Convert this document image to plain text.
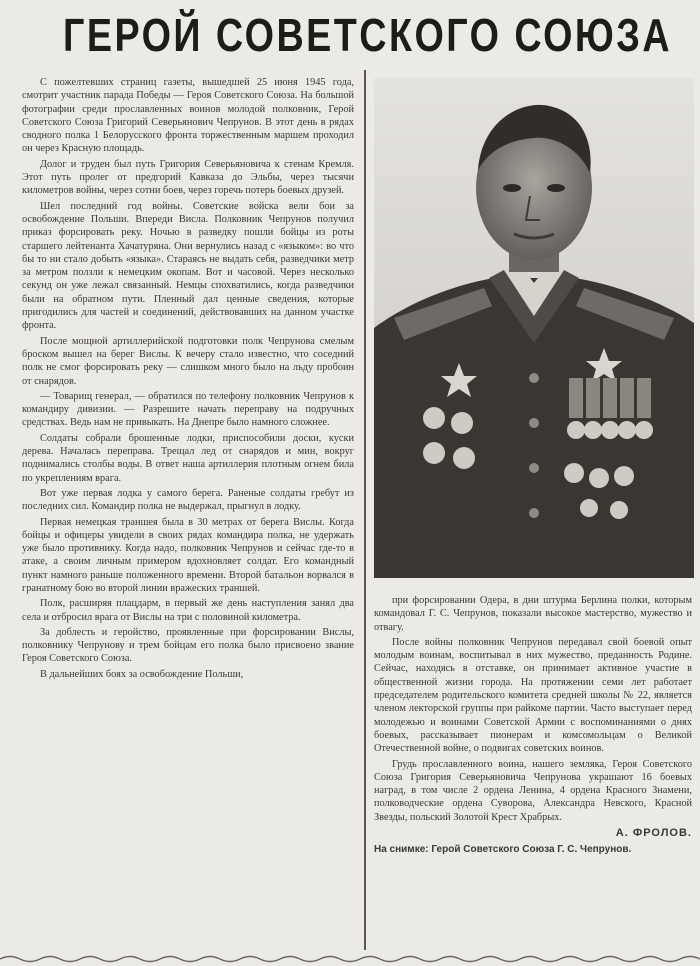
ГЕРОЙ СОВЕТСКОГО СОЮЗА

С пожелтевших страниц газеты, вышедшей 25 июня 1945 года, смотрит участник парада Победы — Героя Советского Союза. На большой фотографии среди прославленных воинов молодой полковник, Герой Советского Союза Григорий Северьянович Чепрунов. В этот день в рядах сводного полка 1 Белорусского фронта торжественным маршем проходил он через Красную площадь.

Долог и труден был путь Григория Северьяновича к стенам Кремля. Этот путь пролег от предгорий Кавказа до Эльбы, через тысячи километров войны, через сотни боев, через горечь потерь боевых друзей.

Шел последний год войны. Советские войска вели бои за освобождение Польши. Впереди Висла. Полковник Чепрунов получил приказ форсировать реку. Ночью в разведку пошли бойцы из роты старшего лейтенанта Хачатуряна. Они вернулись назад с «языком»: во что бы то ни стало добыть «языка». Стараясь не выдать себя, разведчики метр за метром ползли к немецким окопам. Вот и часовой. Через несколько секунд он уже лежал связанный. Немцы спохватились, когда разведчики были на обратном пути. Пленный дал ценные сведения, которые пригодились для частей и соединений, действовавших на данном участке фронта.

После мощной артиллерийской подготовки полк Чепрунова смелым броском вышел на берег Вислы. К вечеру стало известно, что соседний полк не смог форсировать реку — слишком много было на льду пробоин от снарядов.

— Товарищ генерал, — обратился по телефону полковник Чепрунов к командиру дивизии. — Разрешите начать переправу на подручных средствах. Ведь нам не привыкать. На Днепре было намного сложнее.

Солдаты собрали брошенные лодки, приспособили доски, куски дерева. Началась переправа. Трещал лед от снарядов и мин, вокруг поднимались столбы воды. В ответ наша артиллерия плотным огнем била по укреплениям врага.

Вот уже первая лодка у самого берега. Раненые солдаты гребут из последних сил. Командир полка не выдержал, прыгнул в лодку.

Первая немецкая траншея была в 30 метрах от берега Вислы. Когда бойцы и офицеры увидели в своих рядах командира полка, не удержать уже было противнику. Когда надо, полковник Чепрунов и сейчас где-то в атаке, а своим личным примером вдохновляет солдат. Его командный пункт намного раньше положенного времени. Второй батальон ворвался в гранатному бою во второй линии вражеских траншей.

Полк, расширяя плацдарм, в первый же день наступления занял два села и отбросил врага от Вислы на три с половиной километра.

За доблесть и геройство, проявленные при форсировании Вислы, полковнику Чепрунову и трем бойцам его полка было присвоено звание Героя Советского Союза.

В дальнейших боях за освобождение Польши,

при форсировании Одера, в дни штурма Берлина полки, которым командовал Г. С. Чепрунов, показали высокое мастерство, мужество и отвагу.

После войны полковник Чепрунов передавал свой боевой опыт молодым воинам, воспитывал в них мужество, преданность Родине. Сейчас, находясь в отставке, он принимает активное участие в общественной жизни города. На протяжении семи лет работает председателем родительского комитета средней школы № 22, является членом лекторской группы при райкоме партии. Часто выступает перед молодежью и воинами Советской Армии с воспоминаниями о днях боевых, рассказывает пионерам и комсомольцам о Великой Отечественной войне, о подвигах советских воинов.

Грудь прославленного воина, нашего земляка, Героя Советского Союза Григория Северьяновича Чепрунова украшают 16 боевых наград, в том числе 2 ордена Ленина, 4 ордена Красного Знамени, полководческие ордена Суворова, Александра Невского, Красной Звезды, польский Золотой Крест Храбрых.

А. ФРОЛОВ.
На снимке: Герой Советского Союза Г. С. Чепрунов.
